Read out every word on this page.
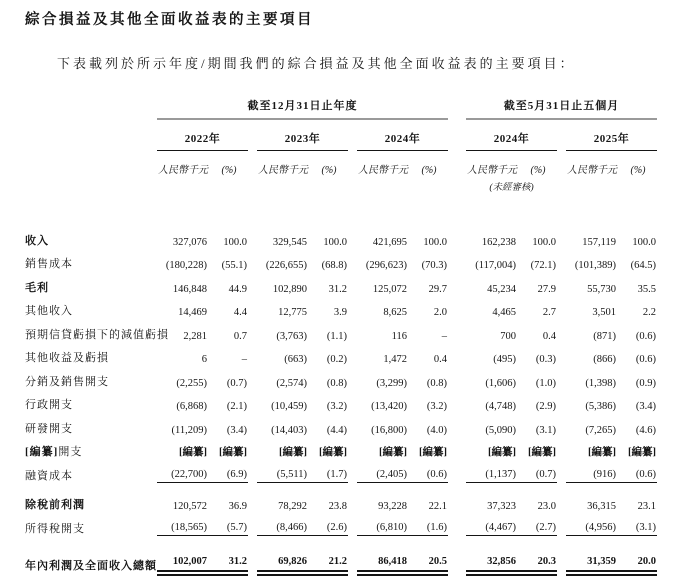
綜合損益及其他全面收益表的主要項目

下表載列於所示年度/期間我們的綜合損益及其他全面收益表的主要項目：

	截至12月31日止年度									截至5月31日止五個月				
	2022年			2023年			2024年			2024年			2025年	
	人民幣千元	(%)		人民幣千元	(%)		人民幣千元	(%)		人民幣千元	(%)		人民幣千元	(%)
										(未經審核)				

收入	327,076	100.0		329,545	100.0		421,695	100.0		162,238	100.0		157,119	100.0
銷售成本	(180,228)	(55.1)		(226,655)	(68.8)		(296,623)	(70.3)		(117,004)	(72.1)		(101,389)	(64.5)
毛利	146,848	44.9		102,890	31.2		125,072	29.7		45,234	27.9		55,730	35.5
其他收入	14,469	4.4		12,775	3.9		8,625	2.0		4,465	2.7		3,501	2.2
預期信貸虧損下的減值虧損	2,281	0.7		(3,763)	(1.1)		116	–		700	0.4		(871)	(0.6)
其他收益及虧損	6	–		(663)	(0.2)		1,472	0.4		(495)	(0.3)		(866)	(0.6)
分銷及銷售開支	(2,255)	(0.7)		(2,574)	(0.8)		(3,299)	(0.8)		(1,606)	(1.0)		(1,398)	(0.9)
行政開支	(6,868)	(2.1)		(10,459)	(3.2)		(13,420)	(3.2)		(4,748)	(2.9)		(5,386)	(3.4)
研發開支	(11,209)	(3.4)		(14,403)	(4.4)		(16,800)	(4.0)		(5,090)	(3.1)		(7,265)	(4.6)
[編纂]開支	[編纂]	[編纂]		[編纂]	[編纂]		[編纂]	[編纂]		[編纂]	[編纂]		[編纂]	[編纂]
融資成本	(22,700)	(6.9)		(5,511)	(1.7)		(2,405)	(0.6)		(1,137)	(0.7)		(916)	(0.6)

除稅前利潤	120,572	36.9		78,292	23.8		93,228	22.1		37,323	23.0		36,315	23.1
所得稅開支	(18,565)	(5.7)		(8,466)	(2.6)		(6,810)	(1.6)		(4,467)	(2.7)		(4,956)	(3.1)

年內利潤及全面收入總額	102,007	31.2		69,826	21.2		86,418	20.5		32,856	20.3		31,359	20.0
